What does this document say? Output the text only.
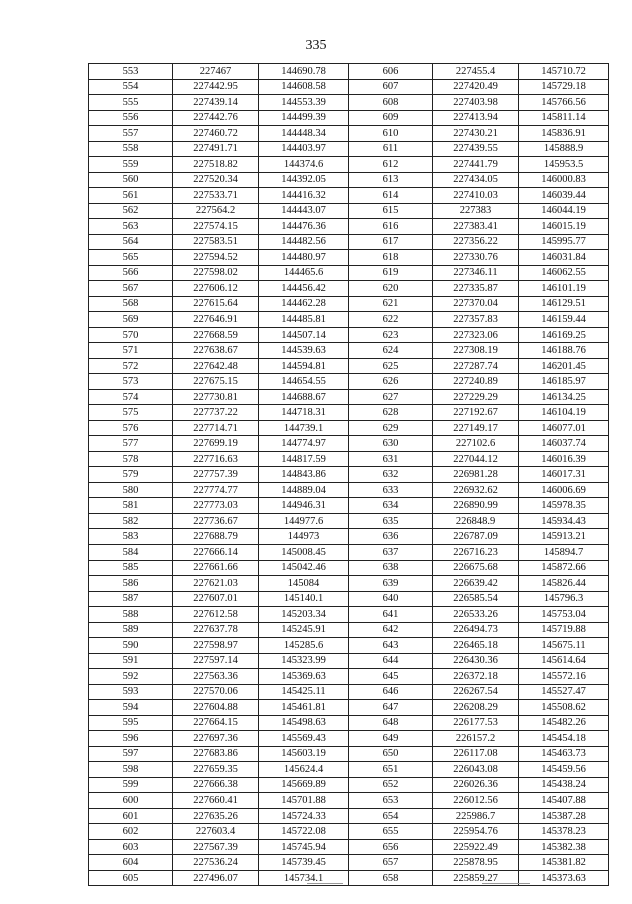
335
553	227467	144690.78	606	227455.4	145710.72
554	227442.95	144608.58	607	227420.49	145729.18
555	227439.14	144553.39	608	227403.98	145766.56
556	227442.76	144499.39	609	227413.94	145811.14
557	227460.72	144448.34	610	227430.21	145836.91
558	227491.71	144403.97	611	227439.55	145888.9
559	227518.82	144374.6	612	227441.79	145953.5
560	227520.34	144392.05	613	227434.05	146000.83
561	227533.71	144416.32	614	227410.03	146039.44
562	227564.2	144443.07	615	227383	146044.19
563	227574.15	144476.36	616	227383.41	146015.19
564	227583.51	144482.56	617	227356.22	145995.77
565	227594.52	144480.97	618	227330.76	146031.84
566	227598.02	144465.6	619	227346.11	146062.55
567	227606.12	144456.42	620	227335.87	146101.19
568	227615.64	144462.28	621	227370.04	146129.51
569	227646.91	144485.81	622	227357.83	146159.44
570	227668.59	144507.14	623	227323.06	146169.25
571	227638.67	144539.63	624	227308.19	146188.76
572	227642.48	144594.81	625	227287.74	146201.45
573	227675.15	144654.55	626	227240.89	146185.97
574	227730.81	144688.67	627	227229.29	146134.25
575	227737.22	144718.31	628	227192.67	146104.19
576	227714.71	144739.1	629	227149.17	146077.01
577	227699.19	144774.97	630	227102.6	146037.74
578	227716.63	144817.59	631	227044.12	146016.39
579	227757.39	144843.86	632	226981.28	146017.31
580	227774.77	144889.04	633	226932.62	146006.69
581	227773.03	144946.31	634	226890.99	145978.35
582	227736.67	144977.6	635	226848.9	145934.43
583	227688.79	144973	636	226787.09	145913.21
584	227666.14	145008.45	637	226716.23	145894.7
585	227661.66	145042.46	638	226675.68	145872.66
586	227621.03	145084	639	226639.42	145826.44
587	227607.01	145140.1	640	226585.54	145796.3
588	227612.58	145203.34	641	226533.26	145753.04
589	227637.78	145245.91	642	226494.73	145719.88
590	227598.97	145285.6	643	226465.18	145675.11
591	227597.14	145323.99	644	226430.36	145614.64
592	227563.36	145369.63	645	226372.18	145572.16
593	227570.06	145425.11	646	226267.54	145527.47
594	227604.88	145461.81	647	226208.29	145508.62
595	227664.15	145498.63	648	226177.53	145482.26
596	227697.36	145569.43	649	226157.2	145454.18
597	227683.86	145603.19	650	226117.08	145463.73
598	227659.35	145624.4	651	226043.08	145459.56
599	227666.38	145669.89	652	226026.36	145438.24
600	227660.41	145701.88	653	226012.56	145407.88
601	227635.26	145724.33	654	225986.7	145387.28
602	227603.4	145722.08	655	225954.76	145378.23
603	227567.39	145745.94	656	225922.49	145382.38
604	227536.24	145739.45	657	225878.95	145381.82
605	227496.07	145734.1	658	225859.27	145373.63
